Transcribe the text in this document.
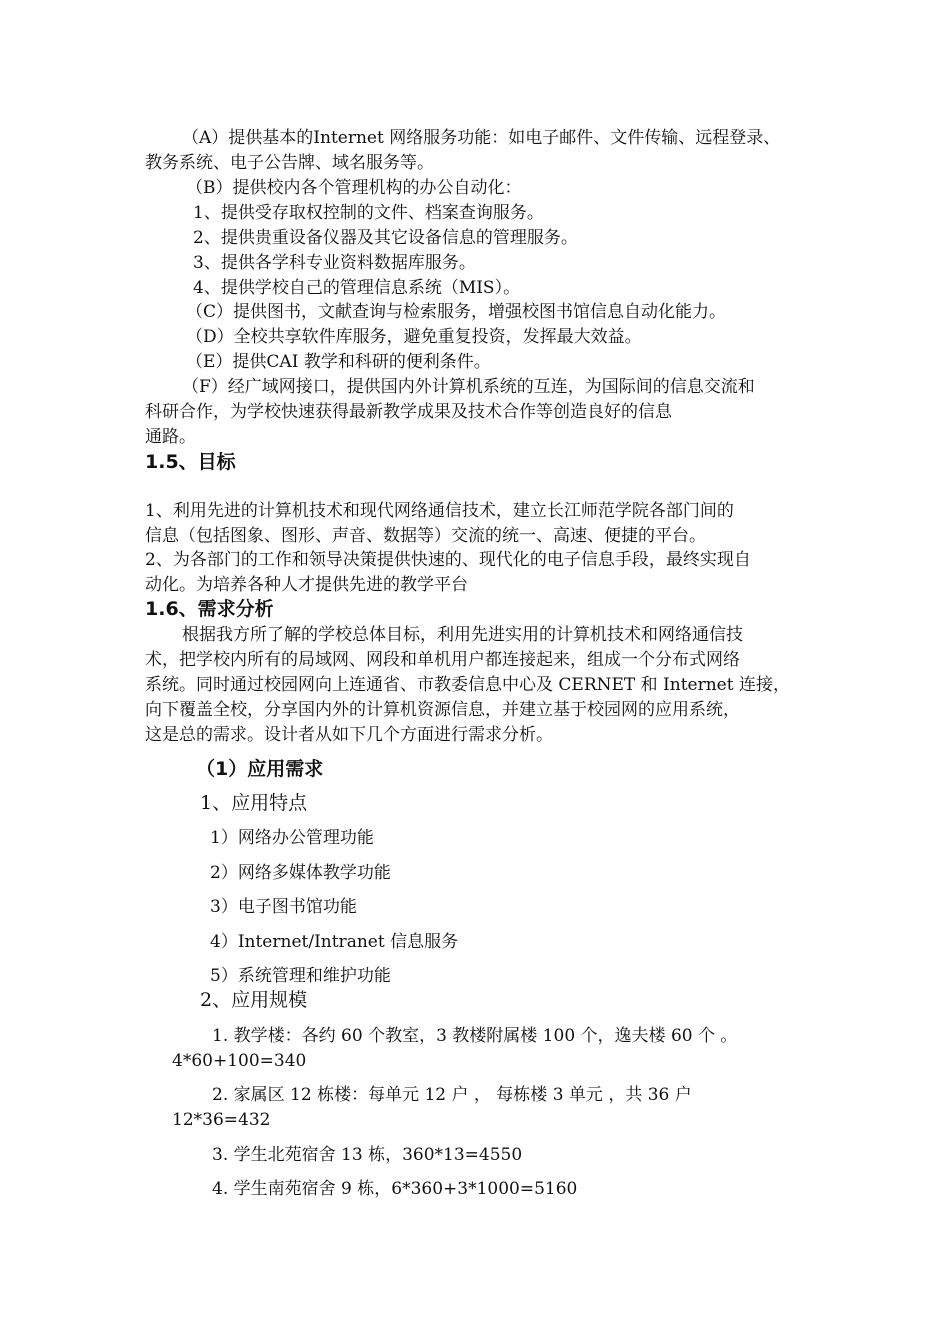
（A）提供基本的Internet 网络服务功能：如电子邮件、文件传输、远程登录、
教务系统、电子公告牌、域名服务等。
（B）提供校内各个管理机构的办公自动化：
1、提供受存取权控制的文件、档案查询服务。
2、提供贵重设备仪器及其它设备信息的管理服务。
3、提供各学科专业资料数据库服务。
4、提供学校自己的管理信息系统（MIS）。
（C）提供图书，文献查询与检索服务，增强校图书馆信息自动化能力。
（D）全校共享软件库服务，避免重复投资，发挥最大效益。
（E）提供CAI 教学和科研的便利条件。
（F）经广域网接口，提供国内外计算机系统的互连，为国际间的信息交流和
科研合作，为学校快速获得最新教学成果及技术合作等创造良好的信息
通路。
1.5、目标
1、利用先进的计算机技术和现代网络通信技术，建立长江师范学院各部门间的
信息（包括图象、图形、声音、数据等）交流的统一、高速、便捷的平台。
2、为各部门的工作和领导决策提供快速的、现代化的电子信息手段，最终实现自
动化。为培养各种人才提供先进的教学平台
1.6、需求分析
根据我方所了解的学校总体目标，利用先进实用的计算机技术和网络通信技
术，把学校内所有的局域网、网段和单机用户都连接起来，组成一个分布式网络
系统。同时通过校园网向上连通省、市教委信息中心及 CERNET 和 Internet 连接，
向下覆盖全校，分享国内外的计算机资源信息，并建立基于校园网的应用系统，
这是总的需求。设计者从如下几个方面进行需求分析。
（1）应用需求
1、应用特点
1）网络办公管理功能
2）网络多媒体教学功能
3）电子图书馆功能
4）Internet/Intranet 信息服务
5）系统管理和维护功能
2、应用规模
1. 教学楼：各约 60 个教室，3 教楼附属楼 100 个，逸夫楼 60 个 。
4*60+100=340
2. 家属区 12 栋楼：每单元 12 户 ， 每栋楼 3 单元 ，共 36 户
12*36=432
3. 学生北苑宿舍 13 栋，360*13=4550
4. 学生南苑宿舍 9 栋，6*360+3*1000=5160
